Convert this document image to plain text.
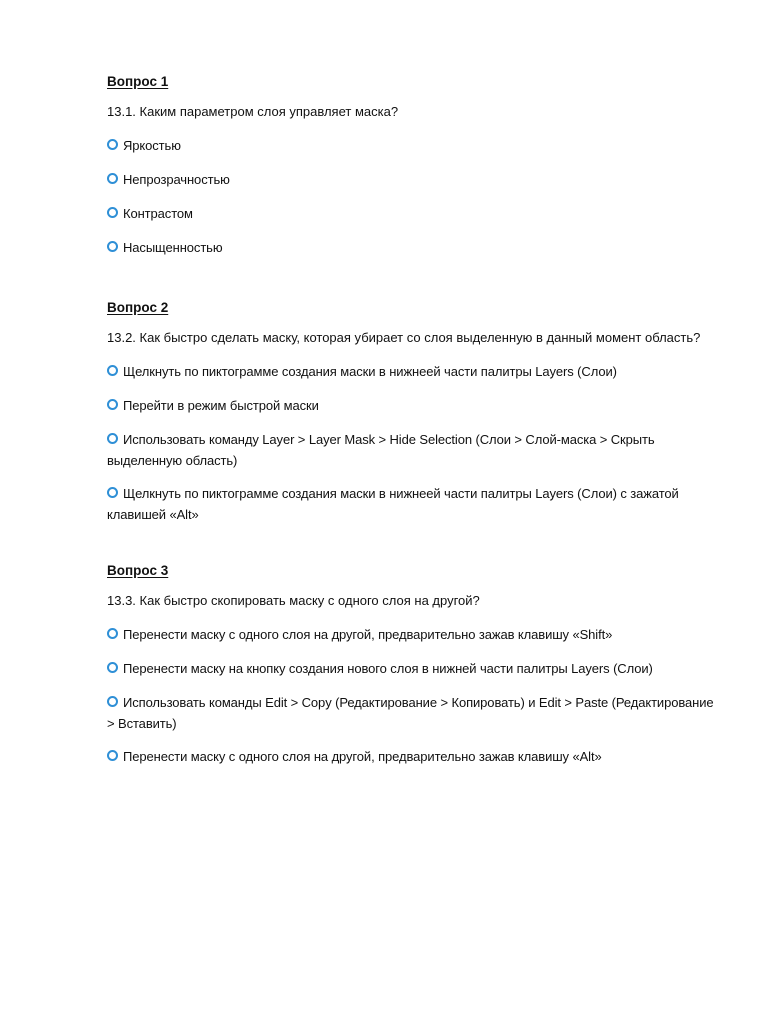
Вопрос 1

13.1. Каким параметром слоя управляет маска?

Яркостью
Непрозрачностью
Контрастом
Насыщенностью

Вопрос 2

13.2. Как быстро сделать маску, которая убирает со слоя выделенную в данный момент область?

Щелкнуть по пиктограмме создания маски в нижнеей части палитры Layers (Слои)
Перейти в режим быстрой маски
Использовать команду Layer > Layer Mask > Hide Selection (Слои > Слой-маска > Скрыть выделенную область)
Щелкнуть по пиктограмме создания маски в нижнеей части палитры Layers (Слои) с зажатой клавишей «Alt»

Вопрос 3

13.3. Как быстро скопировать маску с одного слоя на другой?

Перенести маску с одного слоя на другой, предварительно зажав клавишу «Shift»
Перенести маску на кнопку создания нового слоя в нижней части палитры Layers (Слои)
Использовать команды Edit > Copy (Редактирование > Копировать) и Edit > Paste (Редактирование > Вставить)
Перенести маску с одного слоя на другой, предварительно зажав клавишу «Alt»
